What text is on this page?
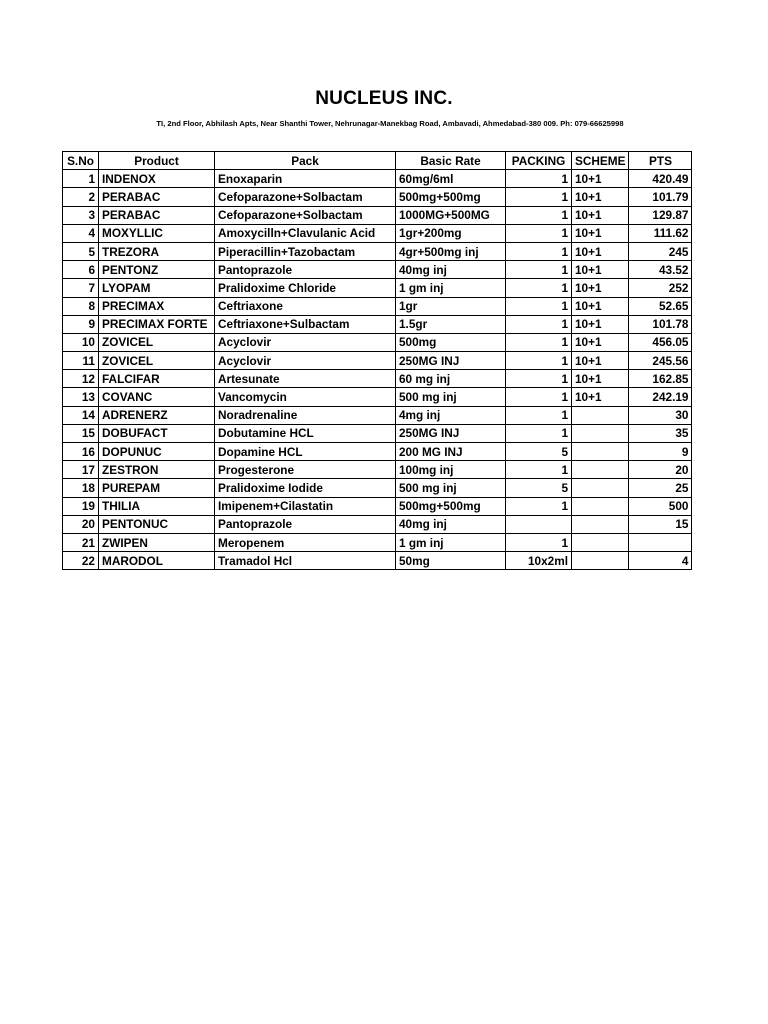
NUCLEUS INC.
TI, 2nd Floor, Abhilash Apts, Near Shanthi Tower, Nehrunagar-Manekbag Road, Ambavadi, Ahmedabad-380 009. Ph: 079-66625998
S.No	Product	Pack	Basic Rate	PACKING	SCHEME	PTS
1	INDENOX	Enoxaparin	60mg/6ml	1	10+1	420.49
2	PERABAC	Cefoparazone+Solbactam	500mg+500mg	1	10+1	101.79
3	PERABAC	Cefoparazone+Solbactam	1000MG+500MG	1	10+1	129.87
4	MOXYLLIC	Amoxycilln+Clavulanic Acid	1gr+200mg	1	10+1	111.62
5	TREZORA	Piperacillin+Tazobactam	4gr+500mg inj	1	10+1	245
6	PENTONZ	Pantoprazole	40mg inj	1	10+1	43.52
7	LYOPAM	Pralidoxime Chloride	1 gm inj	1	10+1	252
8	PRECIMAX	Ceftriaxone	1gr	1	10+1	52.65
9	PRECIMAX FORTE	Ceftriaxone+Sulbactam	1.5gr	1	10+1	101.78
10	ZOVICEL	Acyclovir	500mg	1	10+1	456.05
11	ZOVICEL	Acyclovir	250MG INJ	1	10+1	245.56
12	FALCIFAR	Artesunate	60 mg inj	1	10+1	162.85
13	COVANC	Vancomycin	500 mg inj	1	10+1	242.19
14	ADRENERZ	Noradrenaline	4mg inj	1		30
15	DOBUFACT	Dobutamine HCL	250MG INJ	1		35
16	DOPUNUC	Dopamine HCL	200 MG INJ	5		9
17	ZESTRON	Progesterone	100mg inj	1		20
18	PUREPAM	Pralidoxime Iodide	500 mg inj	5		25
19	THILIA	Imipenem+Cilastatin	500mg+500mg	1		500
20	PENTONUC	Pantoprazole	40mg inj			15
21	ZWIPEN	Meropenem	1 gm inj	1		
22	MARODOL	Tramadol Hcl	50mg	10x2ml		4
